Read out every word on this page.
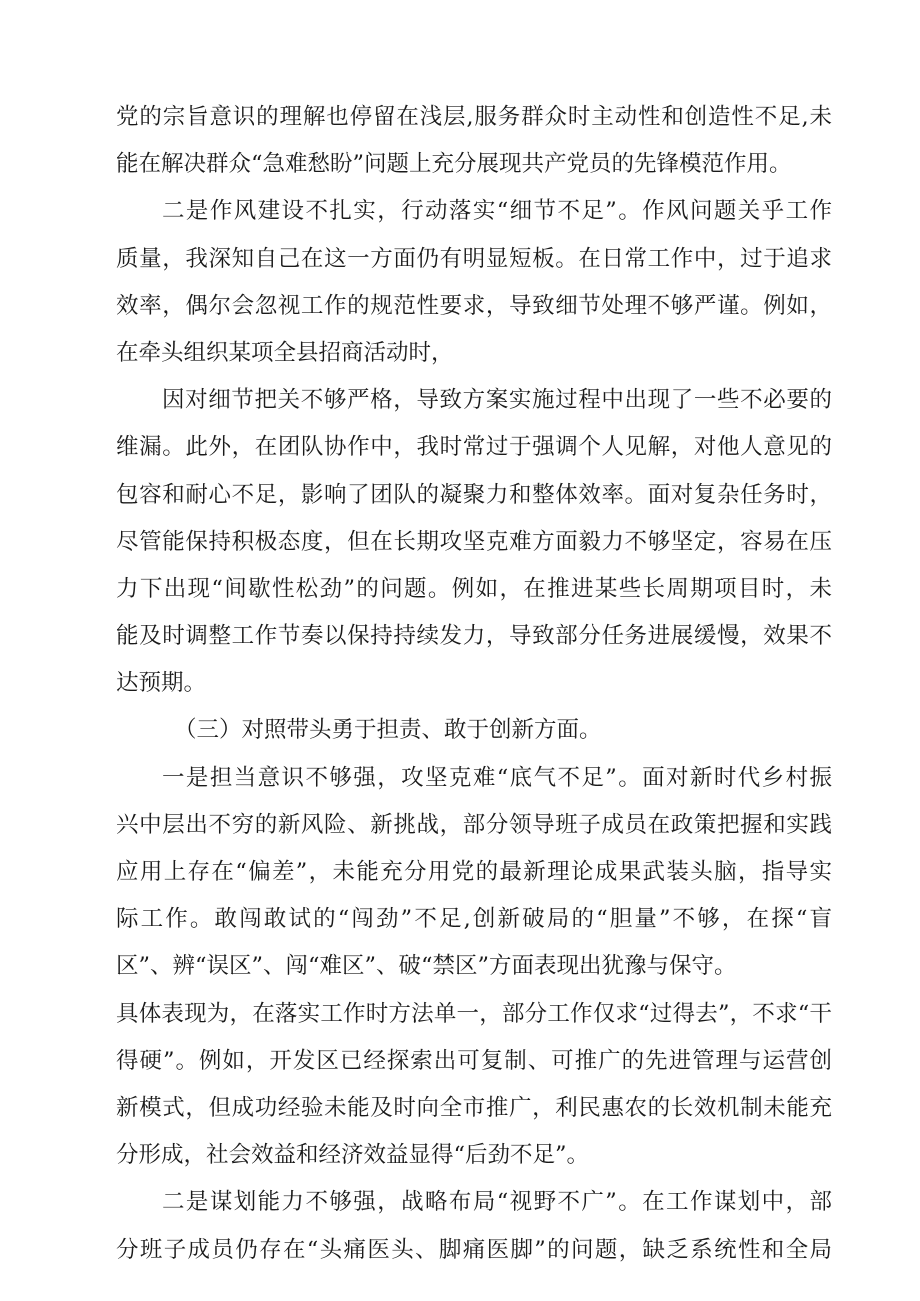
党的宗旨意识的理解也停留在浅层,服务群众时主动性和创造性不足,未
能在解决群众“急难愁盼”问题上充分展现共产党员的先锋模范作用。
二是作风建设不扎实，行动落实“细节不足”。作风问题关乎工作
质量，我深知自己在这一方面仍有明显短板。在日常工作中，过于追求
效率，偶尔会忽视工作的规范性要求，导致细节处理不够严谨。例如，
在牵头组织某项全县招商活动时，
因对细节把关不够严格，导致方案实施过程中出现了一些不必要的
维漏。此外，在团队协作中，我时常过于强调个人见解，对他人意见的
包容和耐心不足，影响了团队的凝聚力和整体效率。面对复杂任务时，
尽管能保持积极态度，但在长期攻坚克难方面毅力不够坚定，容易在压
力下出现“间歇性松劲”的问题。例如，在推进某些长周期项目时，未
能及时调整工作节奏以保持持续发力，导致部分任务进展缓慢，效果不
达预期。
（三）对照带头勇于担责、敢于创新方面。
一是担当意识不够强，攻坚克难“底气不足”。面对新时代乡村振
兴中层出不穷的新风险、新挑战，部分领导班子成员在政策把握和实践
应用上存在“偏差”，未能充分用党的最新理论成果武装头脑，指导实
际工作。敢闯敢试的“闯劲”不足,创新破局的“胆量”不够，在探“盲
区”、辨“误区”、闯“难区”、破“禁区”方面表现出犹豫与保守。
具体表现为，在落实工作时方法单一，部分工作仅求“过得去”，不求“干
得硬”。例如，开发区已经探索出可复制、可推广的先进管理与运营创
新模式，但成功经验未能及时向全市推广，利民惠农的长效机制未能充
分形成，社会效益和经济效益显得“后劲不足”。
二是谋划能力不够强，战略布局“视野不广”。在工作谋划中，部
分班子成员仍存在“头痛医头、脚痛医脚”的问题，缺乏系统性和全局
